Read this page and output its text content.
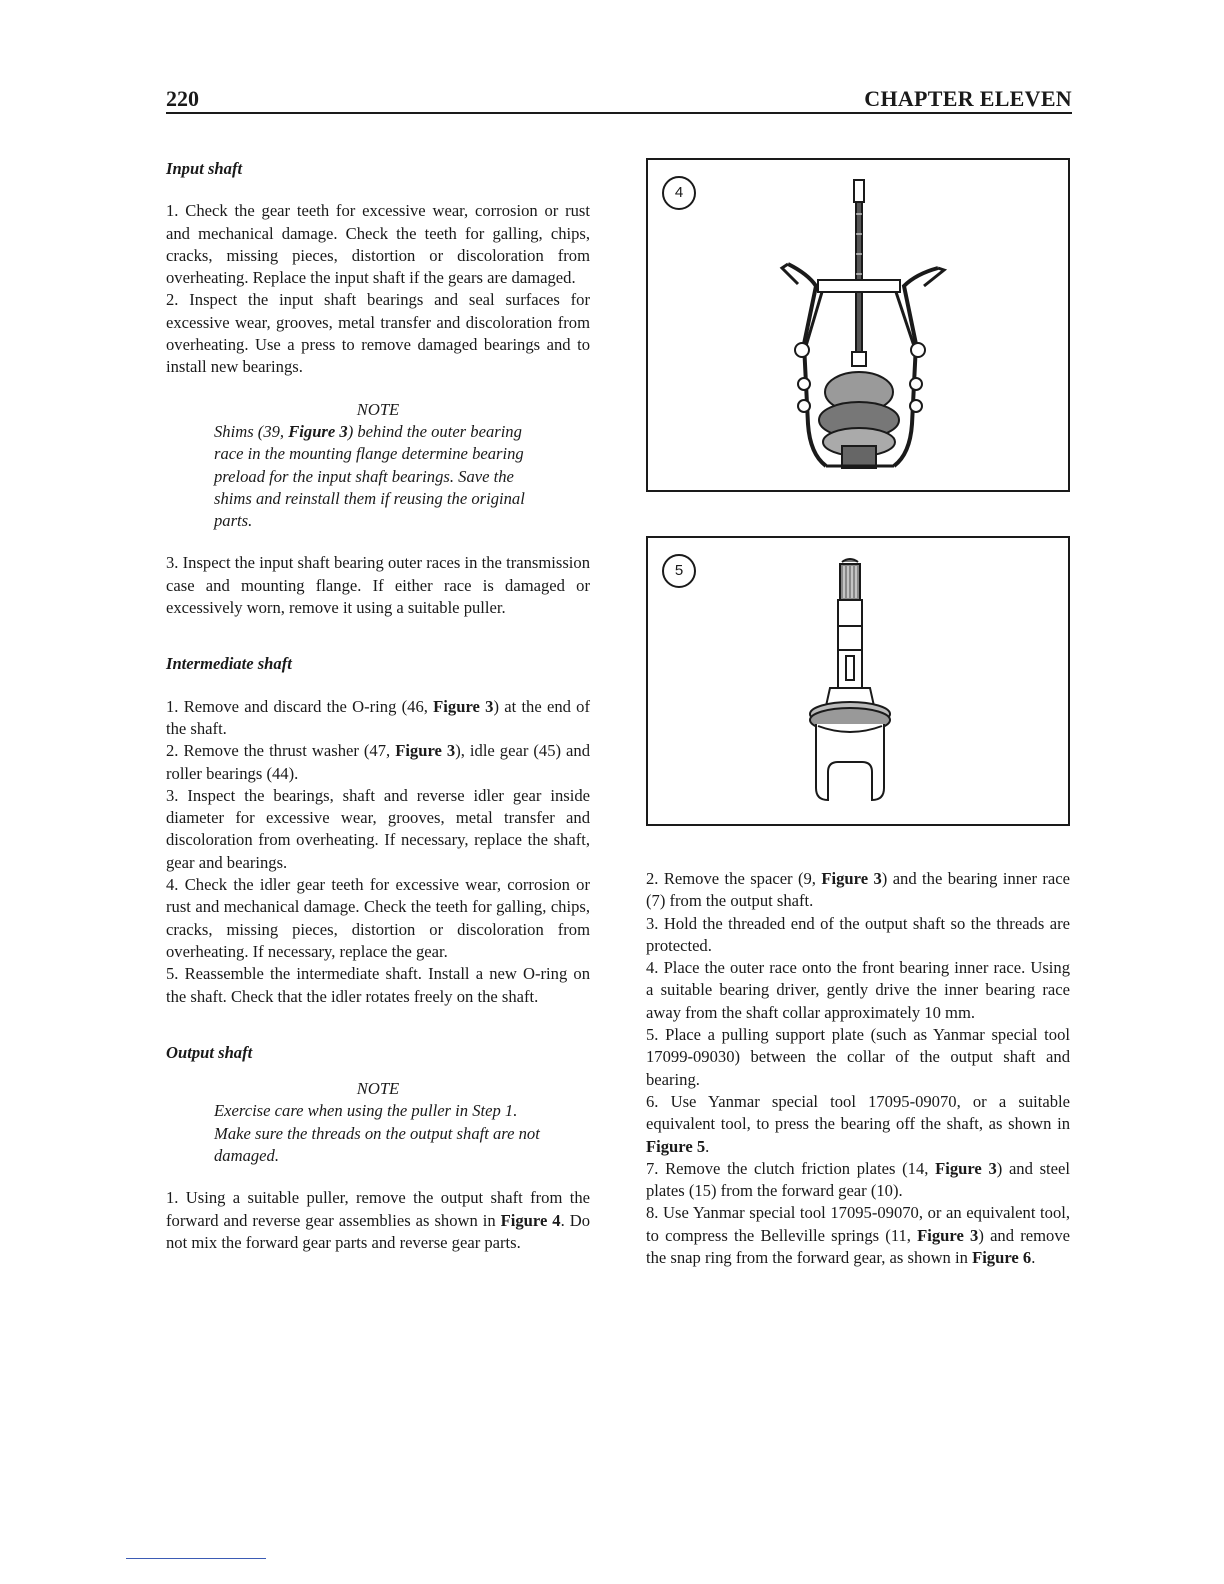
220	CHAPTER ELEVEN

Input shaft

1. Check the gear teeth for excessive wear, corrosion or rust and mechanical damage. Check the teeth for galling, chips, cracks, missing pieces, distortion or discoloration from overheating. Replace the input shaft if the gears are damaged.

2. Inspect the input shaft bearings and seal surfaces for excessive wear, grooves, metal transfer and discoloration from overheating. Use a press to remove damaged bearings and to install new bearings.

NOTE
Shims (39, Figure 3) behind the outer bearing race in the mounting flange determine bearing preload for the input shaft bearings. Save the shims and reinstall them if reusing the original parts.

3. Inspect the input shaft bearing outer races in the transmission case and mounting flange. If either race is damaged or excessively worn, remove it using a suitable puller.

Intermediate shaft

1. Remove and discard the O-ring (46, Figure 3) at the end of the shaft.

2. Remove the thrust washer (47, Figure 3), idle gear (45) and roller bearings (44).

3. Inspect the bearings, shaft and reverse idler gear inside diameter for excessive wear, grooves, metal transfer and discoloration from overheating. If necessary, replace the shaft, gear and bearings.

4. Check the idler gear teeth for excessive wear, corrosion or rust and mechanical damage. Check the teeth for galling, chips, cracks, missing pieces, distortion or discoloration from overheating. If necessary, replace the gear.

5. Reassemble the intermediate shaft. Install a new O-ring on the shaft. Check that the idler rotates freely on the shaft.

Output shaft

NOTE
Exercise care when using the puller in Step 1. Make sure the threads on the output shaft are not damaged.

1. Using a suitable puller, remove the output shaft from the forward and reverse gear assemblies as shown in Figure 4. Do not mix the forward gear parts and reverse gear parts.

4
5

2. Remove the spacer (9, Figure 3) and the bearing inner race (7) from the output shaft.

3. Hold the threaded end of the output shaft so the threads are protected.

4. Place the outer race onto the front bearing inner race. Using a suitable bearing driver, gently drive the inner bearing race away from the shaft collar approximately 10 mm.

5. Place a pulling support plate (such as Yanmar special tool 17099-09030) between the collar of the output shaft and bearing.

6. Use Yanmar special tool 17095-09070, or a suitable equivalent tool, to press the bearing off the shaft, as shown in Figure 5.

7. Remove the clutch friction plates (14, Figure 3) and steel plates (15) from the forward gear (10).

8. Use Yanmar special tool 17095-09070, or an equivalent tool, to compress the Belleville springs (11, Figure 3) and remove the snap ring from the forward gear, as shown in Figure 6.
